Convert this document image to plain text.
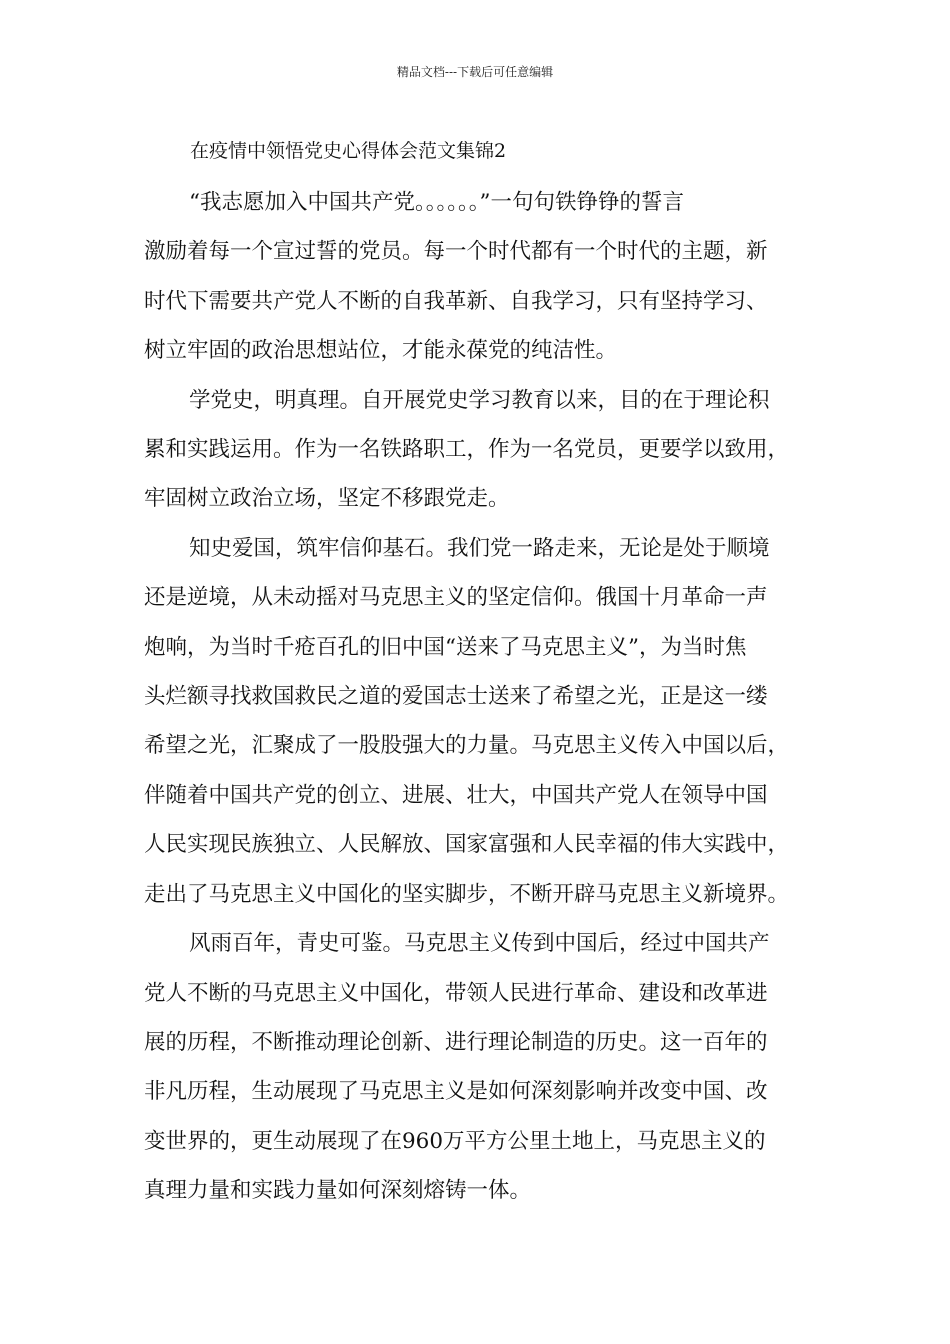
精品文档---下载后可任意编辑
在疫情中领悟党史心得体会范文集锦2

“我志愿加入中国共产党。。。。。。”一句句铁铮铮的誓言
激励着每一个宣过誓的党员。每一个时代都有一个时代的主题，新
时代下需要共产党人不断的自我革新、自我学习，只有坚持学习、
树立牢固的政治思想站位，才能永葆党的纯洁性。

学党史，明真理。自开展党史学习教育以来，目的在于理论积
累和实践运用。作为一名铁路职工，作为一名党员，更要学以致用，
牢固树立政治立场，坚定不移跟党走。

知史爱国，筑牢信仰基石。我们党一路走来，无论是处于顺境
还是逆境，从未动摇对马克思主义的坚定信仰。俄国十月革命一声
炮响，为当时千疮百孔的旧中国“送来了马克思主义”，为当时焦
头烂额寻找救国救民之道的爱国志士送来了希望之光，正是这一缕
希望之光，汇聚成了一股股强大的力量。马克思主义传入中国以后，
伴随着中国共产党的创立、进展、壮大，中国共产党人在领导中国
人民实现民族独立、人民解放、国家富强和人民幸福的伟大实践中，
走出了马克思主义中国化的坚实脚步，不断开辟马克思主义新境界。

风雨百年，青史可鉴。马克思主义传到中国后，经过中国共产
党人不断的马克思主义中国化，带领人民进行革命、建设和改革进
展的历程，不断推动理论创新、进行理论制造的历史。这一百年的
非凡历程，生动展现了马克思主义是如何深刻影响并改变中国、改
变世界的，更生动展现了在960万平方公里土地上，马克思主义的
真理力量和实践力量如何深刻熔铸一体。
